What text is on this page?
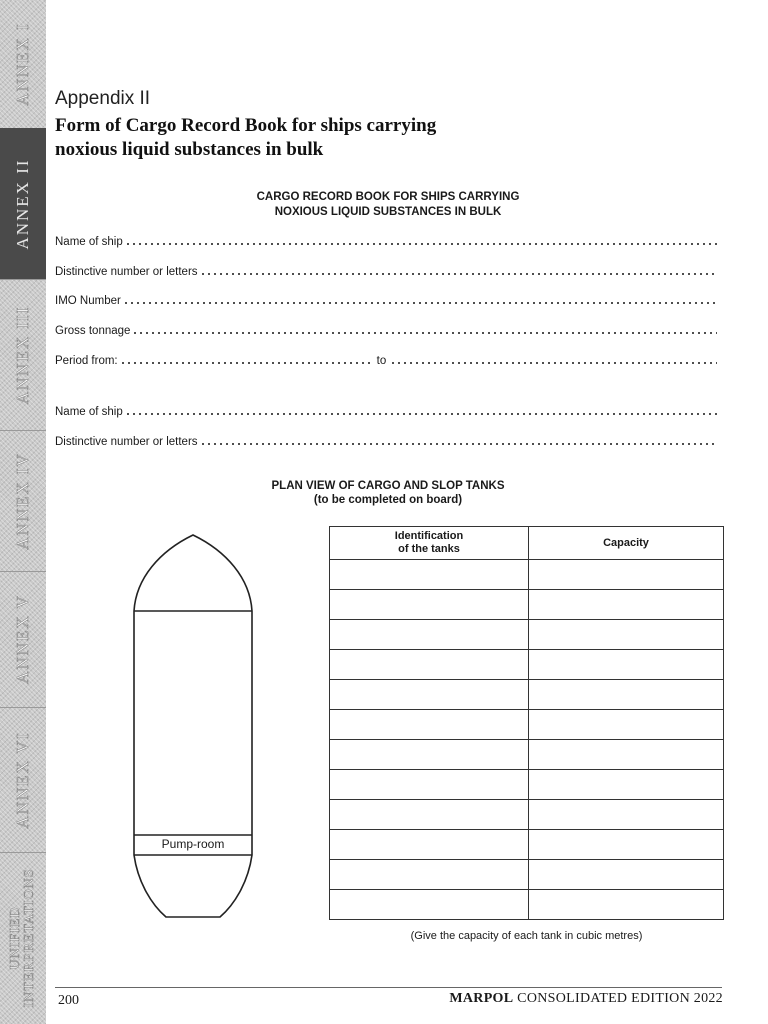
ANNEX I
ANNEX II
ANNEX III
ANNEX IV
ANNEX V
ANNEX VI
UNIFIED
INTERPRETATIONS
Appendix II
Form of Cargo Record Book for ships carrying noxious liquid substances in bulk
CARGO RECORD BOOK FOR SHIPS CARRYING
NOXIOUS LIQUID SUBSTANCES IN BULK
Name of ship
Distinctive number or letters
IMO Number
Gross tonnage
Period from:	to
Name of ship
Distinctive number or letters
PLAN VIEW OF CARGO AND SLOP TANKS
(to be completed on board)
Pump-room
Identification
of the tanks	Capacity

(Give the capacity of each tank in cubic metres)
200	MARPOL CONSOLIDATED EDITION 2022
